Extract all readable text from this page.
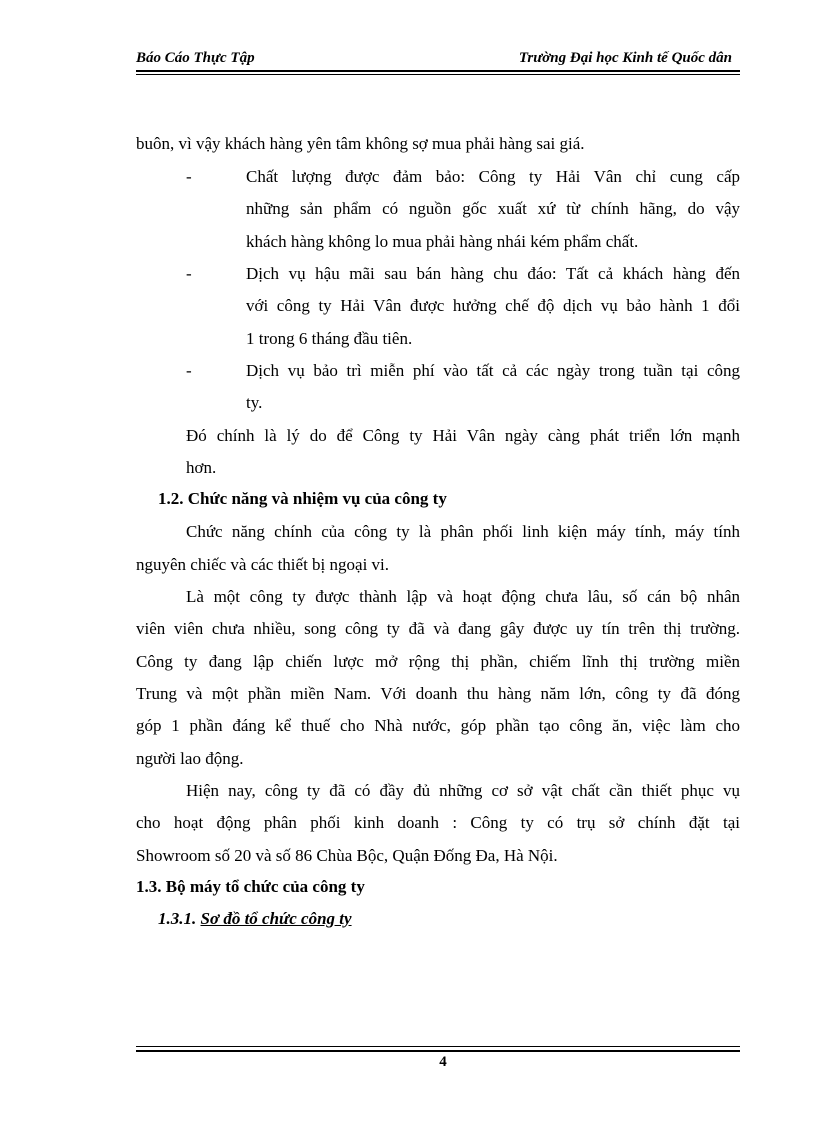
Báo Cáo Thực Tập	Trường Đại học Kinh tế Quốc dân
buôn, vì vậy khách hàng yên tâm không sợ mua phải hàng sai giá.
-	Chất lượng được đảm bảo: Công ty Hải Vân chỉ cung cấp
những sản phẩm có nguồn gốc xuất xứ từ chính hãng, do vậy
khách hàng không lo mua phải hàng nhái kém phẩm chất.
-	Dịch vụ hậu mãi sau bán hàng chu đáo: Tất cả khách hàng đến
với công ty Hải Vân được hưởng chế độ dịch vụ bảo hành 1 đổi
1 trong 6 tháng đầu tiên.
-	Dịch vụ bảo trì miễn phí vào tất cả các ngày trong tuần tại công
ty.
Đó chính là lý do để Công ty Hải Vân ngày càng phát triển lớn mạnh
hơn.
1.2. Chức năng và nhiệm vụ của công ty
Chức năng chính của công ty là phân phối linh kiện máy tính, máy tính
nguyên chiếc và các thiết bị ngoại vi.
Là một công ty được thành lập và hoạt động chưa lâu, số cán bộ nhân
viên viên chưa nhiều, song công ty đã và đang gây được uy tín trên thị trường.
Công ty đang lập chiến lược mở rộng thị phần, chiếm lĩnh thị trường miền
Trung và một phần miền Nam. Với doanh thu hàng năm lớn, công ty đã đóng
góp 1 phần đáng kể thuế cho Nhà nước, góp phần tạo công ăn, việc làm cho
người lao động.
Hiện nay, công ty đã có đầy đủ những cơ sở vật chất cần thiết phục vụ
cho hoạt động phân phối kinh doanh : Công ty có trụ sở chính đặt tại
Showroom số 20 và số 86 Chùa Bộc, Quận Đống Đa, Hà Nội.
1.3. Bộ máy tổ chức của công ty
1.3.1. Sơ đồ tổ chức công ty
4
